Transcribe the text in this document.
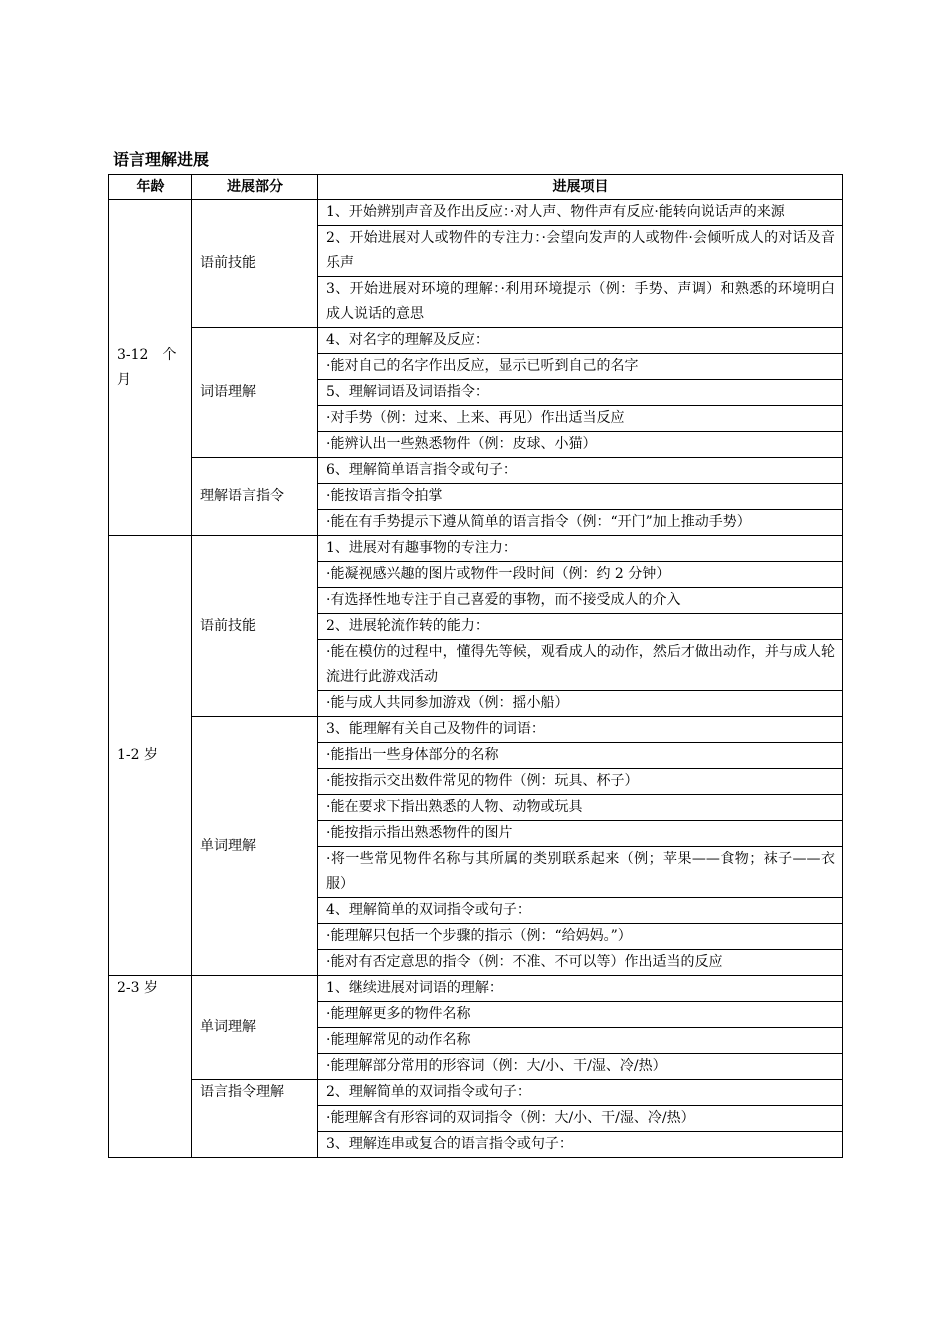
语言理解进展
年龄	进展部分	进展项目
3-12　个月	语前技能	1、开始辨别声音及作出反应：·对人声、物件声有反应·能转向说话声的来源
		2、开始进展对人或物件的专注力：·会望向发声的人或物件·会倾听成人的对话及音乐声
		3、开始进展对环境的理解：·利用环境提示（例：手势、声调）和熟悉的环境明白成人说话的意思
	词语理解	4、对名字的理解及反应：
		·能对自己的名字作出反应，显示已听到自己的名字
		5、理解词语及词语指令：
		·对手势（例：过来、上来、再见）作出适当反应
		·能辨认出一些熟悉物件（例：皮球、小猫）
	理解语言指令	6、理解简单语言指令或句子：
		·能按语言指令拍掌
		·能在有手势提示下遵从简单的语言指令（例：“开门”加上推动手势）
1-2 岁	语前技能	1、进展对有趣事物的专注力：
		·能凝视感兴趣的图片或物件一段时间（例：约 2 分钟）
		·有选择性地专注于自己喜爱的事物，而不接受成人的介入
		2、进展轮流作转的能力：
		·能在模仿的过程中，懂得先等候，观看成人的动作，然后才做出动作，并与成人轮流进行此游戏活动
		·能与成人共同参加游戏（例：摇小船）
	单词理解	3、能理解有关自己及物件的词语：
		·能指出一些身体部分的名称
		·能按指示交出数件常见的物件（例：玩具、杯子）
		·能在要求下指出熟悉的人物、动物或玩具
		·能按指示指出熟悉物件的图片
		·将一些常见物件名称与其所属的类别联系起来（例；苹果——食物；袜子——衣服）
		4、理解简单的双词指令或句子：
		·能理解只包括一个步骤的指示（例：“给妈妈。”）
		·能对有否定意思的指令（例：不准、不可以等）作出适当的反应
2-3 岁	单词理解	1、继续进展对词语的理解：
		·能理解更多的物件名称
		·能理解常见的动作名称
		·能理解部分常用的形容词（例：大/小、干/湿、冷/热）
	语言指令理解	2、理解简单的双词指令或句子：
		·能理解含有形容词的双词指令（例：大/小、干/湿、冷/热）
		3、理解连串或复合的语言指令或句子：
